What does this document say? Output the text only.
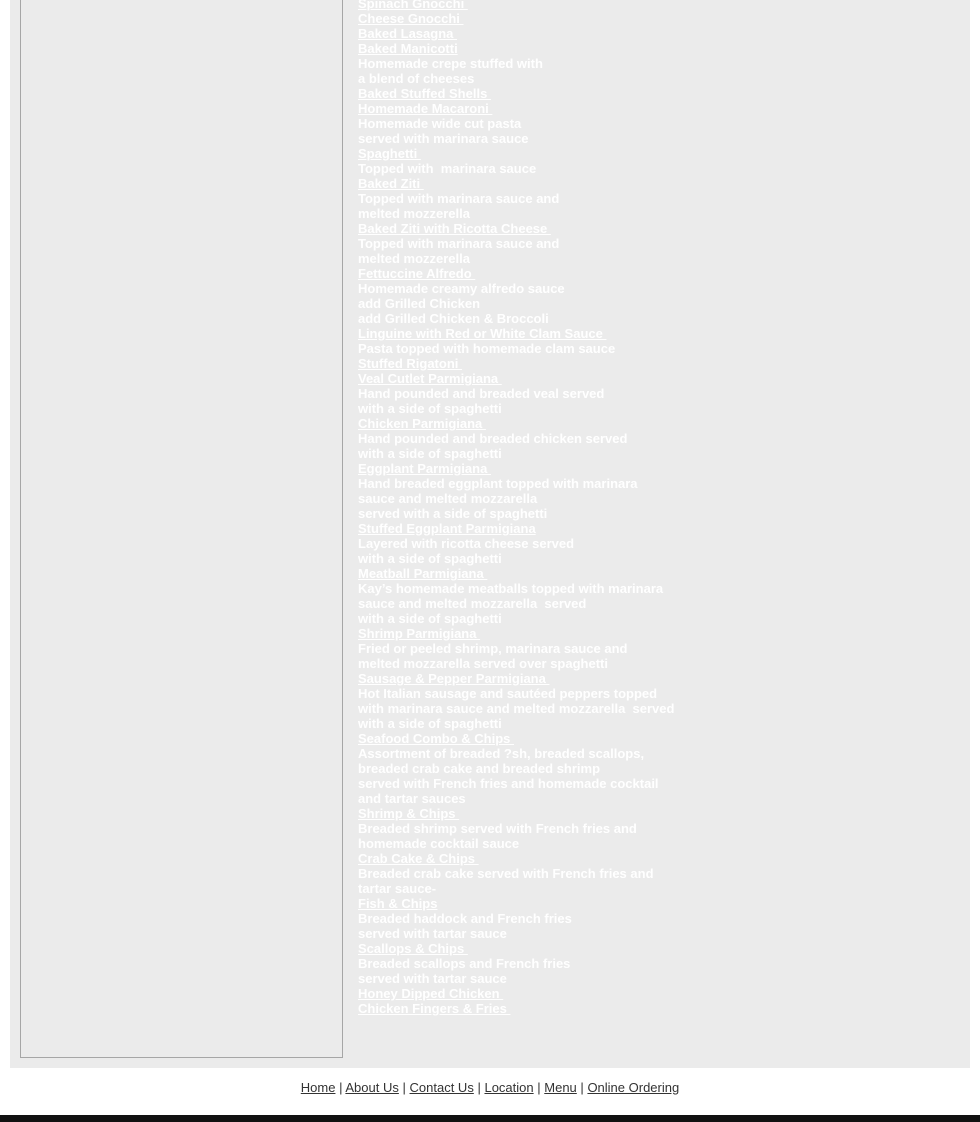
Spinach Gnocchi
Cheese Gnocchi
Baked Lasagna
Baked Manicotti
Homemade crepe stuffed with
a blend of cheeses
Baked Stuffed Shells
Homemade Macaroni
Homemade wide cut pasta
served with marinara sauce
Spaghetti
Topped with  marinara sauce
Baked Ziti
Topped with marinara sauce and
melted mozzerella
Baked Ziti with Ricotta Cheese
Topped with marinara sauce and
melted mozzerella
Fettuccine Alfredo
Homemade creamy alfredo sauce
add Grilled Chicken
add Grilled Chicken & Broccoli
Linguine with Red or White Clam Sauce
Pasta topped with homemade clam sauce
Stuffed Rigatoni
Veal Cutlet Parmigiana
Hand pounded and breaded veal served
with a side of spaghetti
Chicken Parmigiana
Hand pounded and breaded chicken served
with a side of spaghetti
Eggplant Parmigiana
Hand breaded eggplant topped with marinara
sauce and melted mozzarella
served with a side of spaghetti
Stuffed Eggplant Parmigiana
Layered with ricotta cheese served
with a side of spaghetti
Meatball Parmigiana
Kay’s homemade meatballs topped with marinara
sauce and melted mozzarella  served
with a side of spaghetti
Shrimp Parmigiana
Fried or peeled shrimp, marinara sauce and
melted mozzarella served over spaghetti
Sausage & Pepper Parmigiana
Hot Italian sausage and sautéed peppers topped
with marinara sauce and melted mozzarella  served
with a side of spaghetti
Seafood Combo & Chips
Assortment of breaded ?sh, breaded scallops,
breaded crab cake and breaded shrimp
served with French fries and homemade cocktail
and tartar sauces
Shrimp & Chips
Breaded shrimp served with French fries and
homemade cocktail sauce
Crab Cake & Chips
Breaded crab cake served with French fries and
tartar sauce-
Fish & Chips
Breaded haddock and French fries
served with tartar sauce
Scallops & Chips
Breaded scallops and French fries
served with tartar sauce
Honey Dipped Chicken
Chicken Fingers & Fries
Home | About Us | Contact Us | Location | Menu | Online Ordering
